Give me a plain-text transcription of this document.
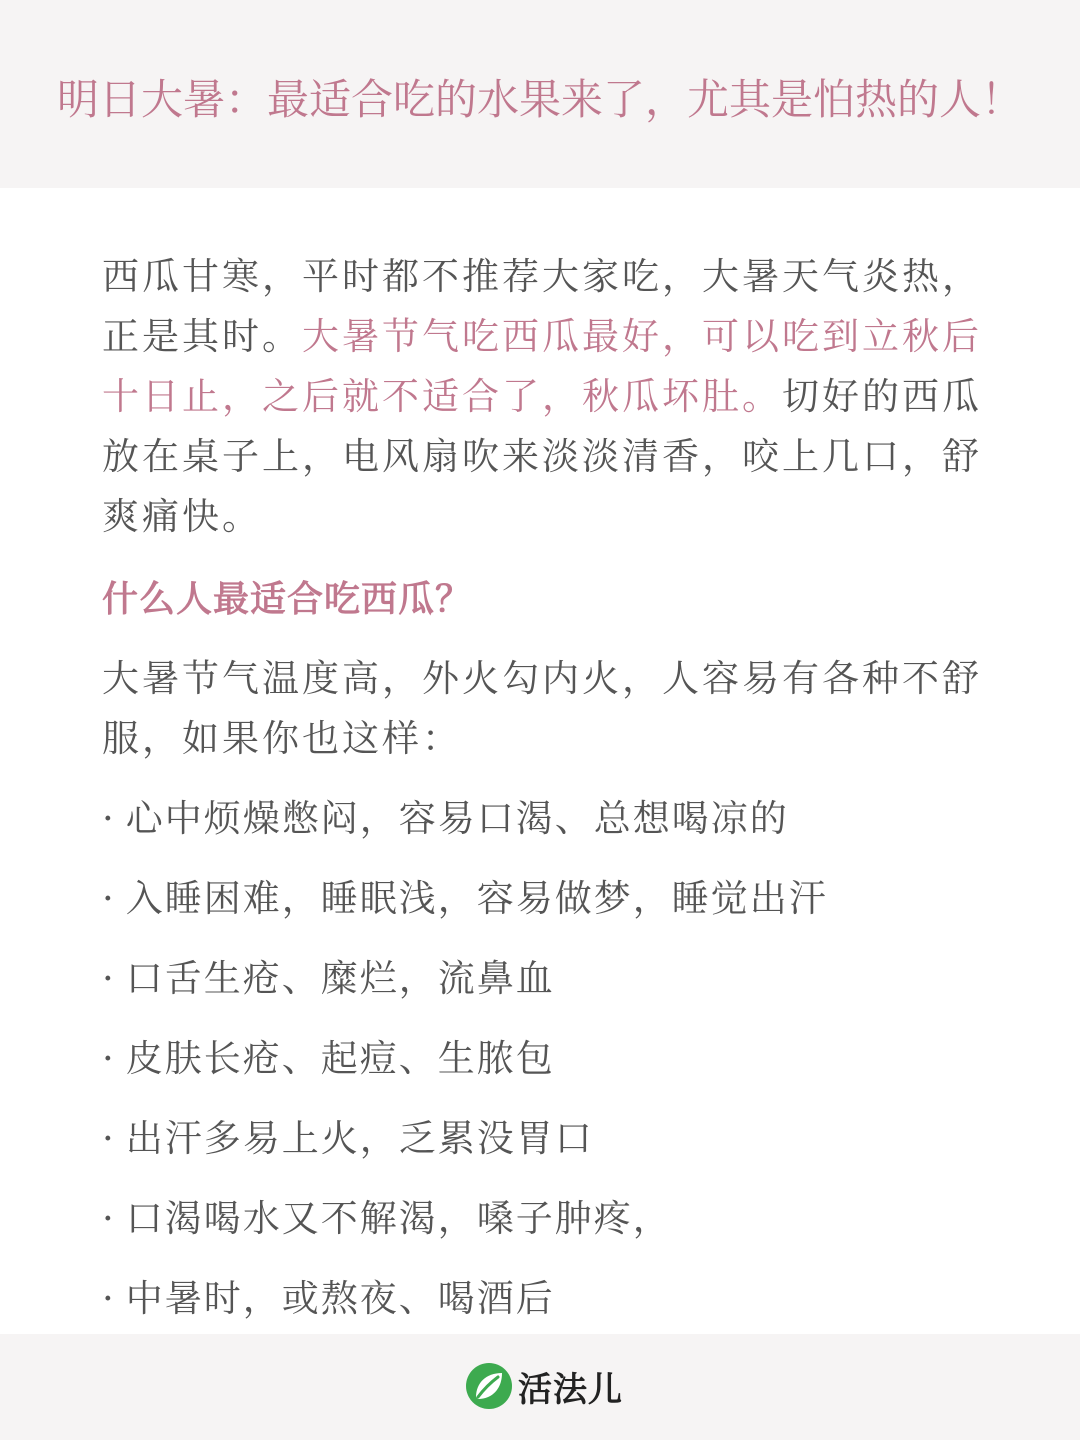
明日大暑：最适合吃的水果来了，尤其是怕热的人！

西瓜甘寒，平时都不推荐大家吃，大暑天气炎热，正是其时。大暑节气吃西瓜最好，可以吃到立秋后十日止，之后就不适合了，秋瓜坏肚。切好的西瓜放在桌子上，电风扇吹来淡淡清香，咬上几口，舒爽痛快。

什么人最适合吃西瓜？

大暑节气温度高，外火勾内火，人容易有各种不舒服，如果你也这样：

· 心中烦燥憋闷，容易口渴、总想喝凉的
· 入睡困难，睡眠浅，容易做梦，睡觉出汗
· 口舌生疮、糜烂，流鼻血
· 皮肤长疮、起痘、生脓包
· 出汗多易上火，乏累没胃口
· 口渴喝水又不解渴，嗓子肿疼，
· 中暑时，或熬夜、喝酒后
活法儿
